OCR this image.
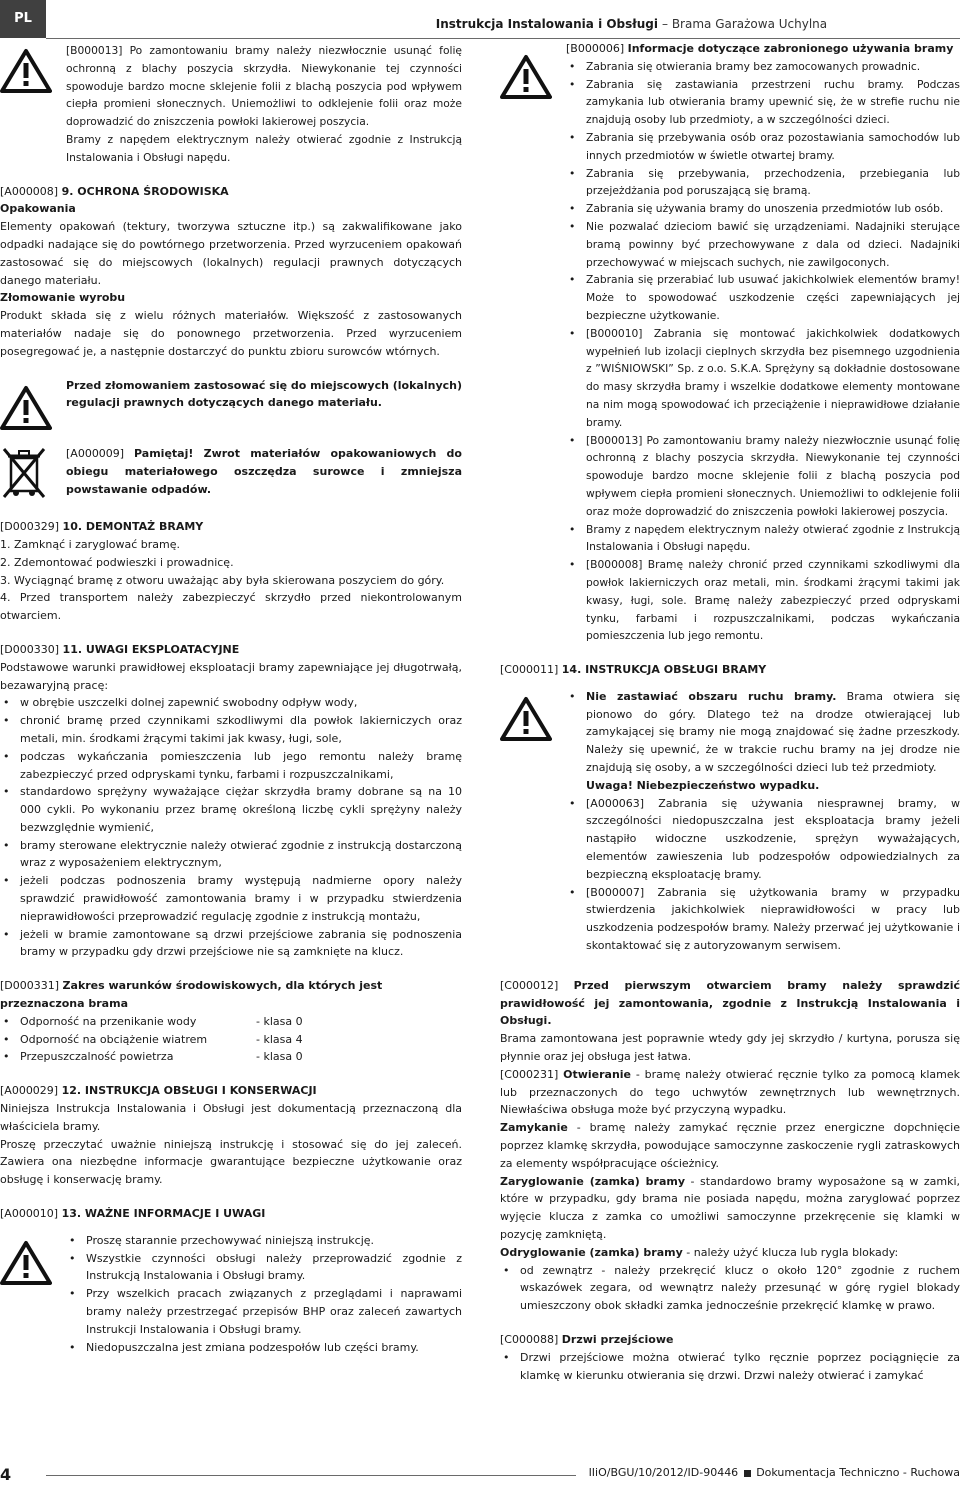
PL	Instrukcja Instalowania i Obsługi – Brama Garażowa Uchylna

[B000013] Po zamontowaniu bramy należy niezwłocznie usunąć folię ochronną z blachy poszycia skrzydła. Niewykonanie tej czynności spowoduje bardzo mocne sklejenie folii z blachą poszycia pod wpływem ciepła promieni słonecznych. Uniemożliwi to odklejenie folii oraz może doprowadzić do zniszczenia powłoki lakierowej poszycia.

Bramy z napędem elektrycznym należy otwierać zgodnie z Instrukcją Instalowania i Obsługi napędu.

[A000008] 9. OCHRONA ŚRODOWISKA
Opakowania

Elementy opakowań (tektury, tworzywa sztuczne itp.) są zakwalifikowane jako odpadki nadające się do powtórnego przetworzenia. Przed wyrzuceniem opakowań zastosować się do miejscowych (lokalnych) regulacji prawnych dotyczących danego materiału.

Złomowanie wyrobu

Produkt składa się z wielu różnych materiałów. Większość z zastosowanych materiałów nadaje się do ponownego przetworzenia. Przed wyrzuceniem posegregować je, a następnie dostarczyć do punktu zbioru surowców wtórnych.

Przed złomowaniem zastosować się do miejscowych (lokalnych) regulacji prawnych dotyczących danego materiału.

[A000009] Pamiętaj! Zwrot materiałów opakowaniowych do obiegu materiałowego oszczędza surowce i zmniejsza powstawanie odpadów.

[D000329] 10. DEMONTAŻ BRAMY

1. Zamknąć i zaryglować bramę.

2. Zdemontować podwieszki i prowadnicę.

3. Wyciągnąć bramę z otworu uważając aby była skierowana poszyciem do góry.

4. Przed transportem należy zabezpieczyć skrzydło przed niekontrolowanym otwarciem.

[D000330] 11. UWAGI EKSPLOATACYJNE

Podstawowe warunki prawidłowej eksploatacji bramy zapewniające jej długotrwałą, bezawaryjną pracę:

• w obrębie uszczelki dolnej zapewnić swobodny odpływ wody,
• chronić bramę przed czynnikami szkodliwymi dla powłok lakierniczych oraz metali, min. środkami żrącymi takimi jak kwasy, ługi, sole,
• podczas wykańczania pomieszczenia lub jego remontu należy bramę zabezpieczyć przed odpryskami tynku, farbami i rozpuszczalnikami,
• standardowo sprężyny wyważające ciężar skrzydła bramy dobrane są na 10 000 cykli. Po wykonaniu przez bramę określoną liczbę cykli sprężyny należy bezwzględnie wymienić,
• bramy sterowane elektrycznie należy otwierać zgodnie z instrukcją dostarczoną wraz z wyposażeniem elektrycznym,
• jeżeli podczas podnoszenia bramy występują nadmierne opory należy sprawdzić prawidłowość zamontowania bramy i w przypadku stwierdzenia nieprawidłowości przeprowadzić regulację zgodnie z instrukcją montażu,
• jeżeli w bramie zamontowane są drzwi przejściowe zabrania się podnoszenia bramy w przypadku gdy drzwi przejściowe nie są zamknięte na klucz.
[D000331] Zakres warunków środowiskowych, dla których jest przeznaczona brama
• Odporność na przenikanie wody	- klasa 0
• Odporność na obciążenie wiatrem	- klasa 4
• Przepuszczalność powietrza	- klasa 0
[A000029] 12. INSTRUKCJA OBSŁUGI I KONSERWACJI

Niniejsza Instrukcja Instalowania i Obsługi jest dokumentacją przeznaczoną dla właściciela bramy.

Proszę przeczytać uważnie niniejszą instrukcję i stosować się do jej zaleceń. Zawiera ona niezbędne informacje gwarantujące bezpieczne użytkowanie oraz obsługę i konserwację bramy.

[A000010] 13. WAŻNE INFORMACJE I UWAGI
• Proszę starannie przechowywać niniejszą instrukcję.
• Wszystkie czynności obsługi należy przeprowadzić zgodnie z Instrukcją Instalowania i Obsługi bramy.
• Przy wszelkich pracach związanych z przeglądami i naprawami bramy należy przestrzegać przepisów BHP oraz zaleceń zawartych Instrukcji Instalowania i Obsługi bramy.
• Niedopuszczalna jest zmiana podzespołów lub części bramy.

[B000006] Informacje dotyczące zabronionego używania bramy

• Zabrania się otwierania bramy bez zamocowanych prowadnic.
• Zabrania się zastawiania przestrzeni ruchu bramy. Podczas zamykania lub otwierania bramy upewnić się, że w strefie ruchu nie znajdują osoby lub przedmioty, a w szczególności dzieci.
• Zabrania się przebywania osób oraz pozostawiania samochodów lub innych przedmiotów w świetle otwartej bramy.
• Zabrania się przebywania, przechodzenia, przebiegania lub przejeżdżania pod poruszającą się bramą.
• Zabrania się używania bramy do unoszenia przedmiotów lub osób.
• Nie pozwalać dzieciom bawić się urządzeniami. Nadajniki sterujące bramą powinny być przechowywane z dala od dzieci. Nadajniki przechowywać w miejscach suchych, nie zawilgoconych.
• Zabrania się przerabiać lub usuwać jakichkolwiek elementów bramy! Może to spowodować uszkodzenie części zapewniających jej bezpieczne użytkowanie.
• [B000010] Zabrania się montować jakichkolwiek dodatkowych wypełnień lub izolacji cieplnych skrzydła bez pisemnego uzgodnienia z ”WIŚNIOWSKI” Sp. z o.o. S.K.A. Sprężyny są dokładnie dostosowane do masy skrzydła bramy i wszelkie dodatkowe elementy montowane na nim mogą spowodować ich przeciążenie i nieprawidłowe działanie bramy.
• [B000013] Po zamontowaniu bramy należy niezwłocznie usunąć folię ochronną z blachy poszycia skrzydła. Niewykonanie tej czynności spowoduje bardzo mocne sklejenie folii z blachą poszycia pod wpływem ciepła promieni słonecznych. Uniemożliwi to odklejenie folii oraz może doprowadzić do zniszczenia powłoki lakierowej poszycia.
• Bramy z napędem elektrycznym należy otwierać zgodnie z Instrukcją Instalowania i Obsługi napędu.
• [B000008] Bramę należy chronić przed czynnikami szkodliwymi dla powłok lakierniczych oraz metali, min. środkami żrącymi takimi jak kwasy, ługi, sole. Bramę należy zabezpieczyć przed odpryskami tynku, farbami i rozpuszczalnikami, podczas wykańczania pomieszczenia lub jego remontu.
[C000011] 14. INSTRUKCJA OBSŁUGI BRAMY
• Nie zastawiać obszaru ruchu bramy. Brama otwiera się pionowo do góry. Dlatego też na drodze otwierającej lub zamykającej się bramy nie mogą znajdować się żadne przeszkody. Należy się upewnić, że w trakcie ruchu bramy na jej drodze nie znajdują się osoby, a w szczególności dzieci lub też przedmioty.
Uwaga! Niebezpieczeństwo wypadku.
• [A000063] Zabrania się używania niesprawnej bramy, w szczególności niedopuszczalna jest eksploatacja bramy jeżeli nastąpiło widoczne uszkodzenie, sprężyn wyważających, elementów zawieszenia lub podzespołów odpowiedzialnych za bezpieczną eksploatację bramy.
• [B000007] Zabrania się użytkowania bramy w przypadku stwierdzenia jakichkolwiek nieprawidłowości w pracy lub uszkodzenia podzespołów bramy. Należy przerwać jej użytkowanie i skontaktować się z autoryzowanym serwisem.

[C000012] Przed pierwszym otwarciem bramy należy sprawdzić prawidłowość jej zamontowania, zgodnie z Instrukcją Instalowania i Obsługi.

Brama zamontowana jest poprawnie wtedy gdy jej skrzydło / kurtyna, porusza się płynnie oraz jej obsługa jest łatwa.

[C000231] Otwieranie - bramę należy otwierać ręcznie tylko za pomocą klamek lub przeznaczonych do tego uchwytów zewnętrznych lub wewnętrznych. Niewłaściwa obsługa może być przyczyną wypadku.

Zamykanie - bramę należy zamykać ręcznie przez energiczne dopchnięcie poprzez klamkę skrzydła, powodujące samoczynne zaskoczenie rygli zatraskowych za elementy współpracujące ościeżnicy.

Zaryglowanie (zamka) bramy - standardowo bramy wyposażone są w zamki, które w przypadku, gdy brama nie posiada napędu, można zaryglować poprzez wyjęcie klucza z zamka co umożliwi samoczynne przekręcenie się klamki w pozycję zamkniętą.

Odryglowanie (zamka) bramy - należy użyć klucza lub rygla blokady:

• od zewnątrz - należy przekręcić klucz o około 120° zgodnie z ruchem wskazówek zegara, od wewnątrz należy przesunąć w górę rygiel blokady umieszczony obok składki zamka jednocześnie przekręcić klamkę w prawo.
[C000088] Drzwi przejściowe
• Drzwi przejściowe można otwierać tylko ręcznie poprzez pociągnięcie za klamkę w kierunku otwierania się drzwi. Drzwi należy otwierać i zamykać
4	IIiO/BGU/10/2012/ID-90446 Dokumentacja Techniczno - Ruchowa
